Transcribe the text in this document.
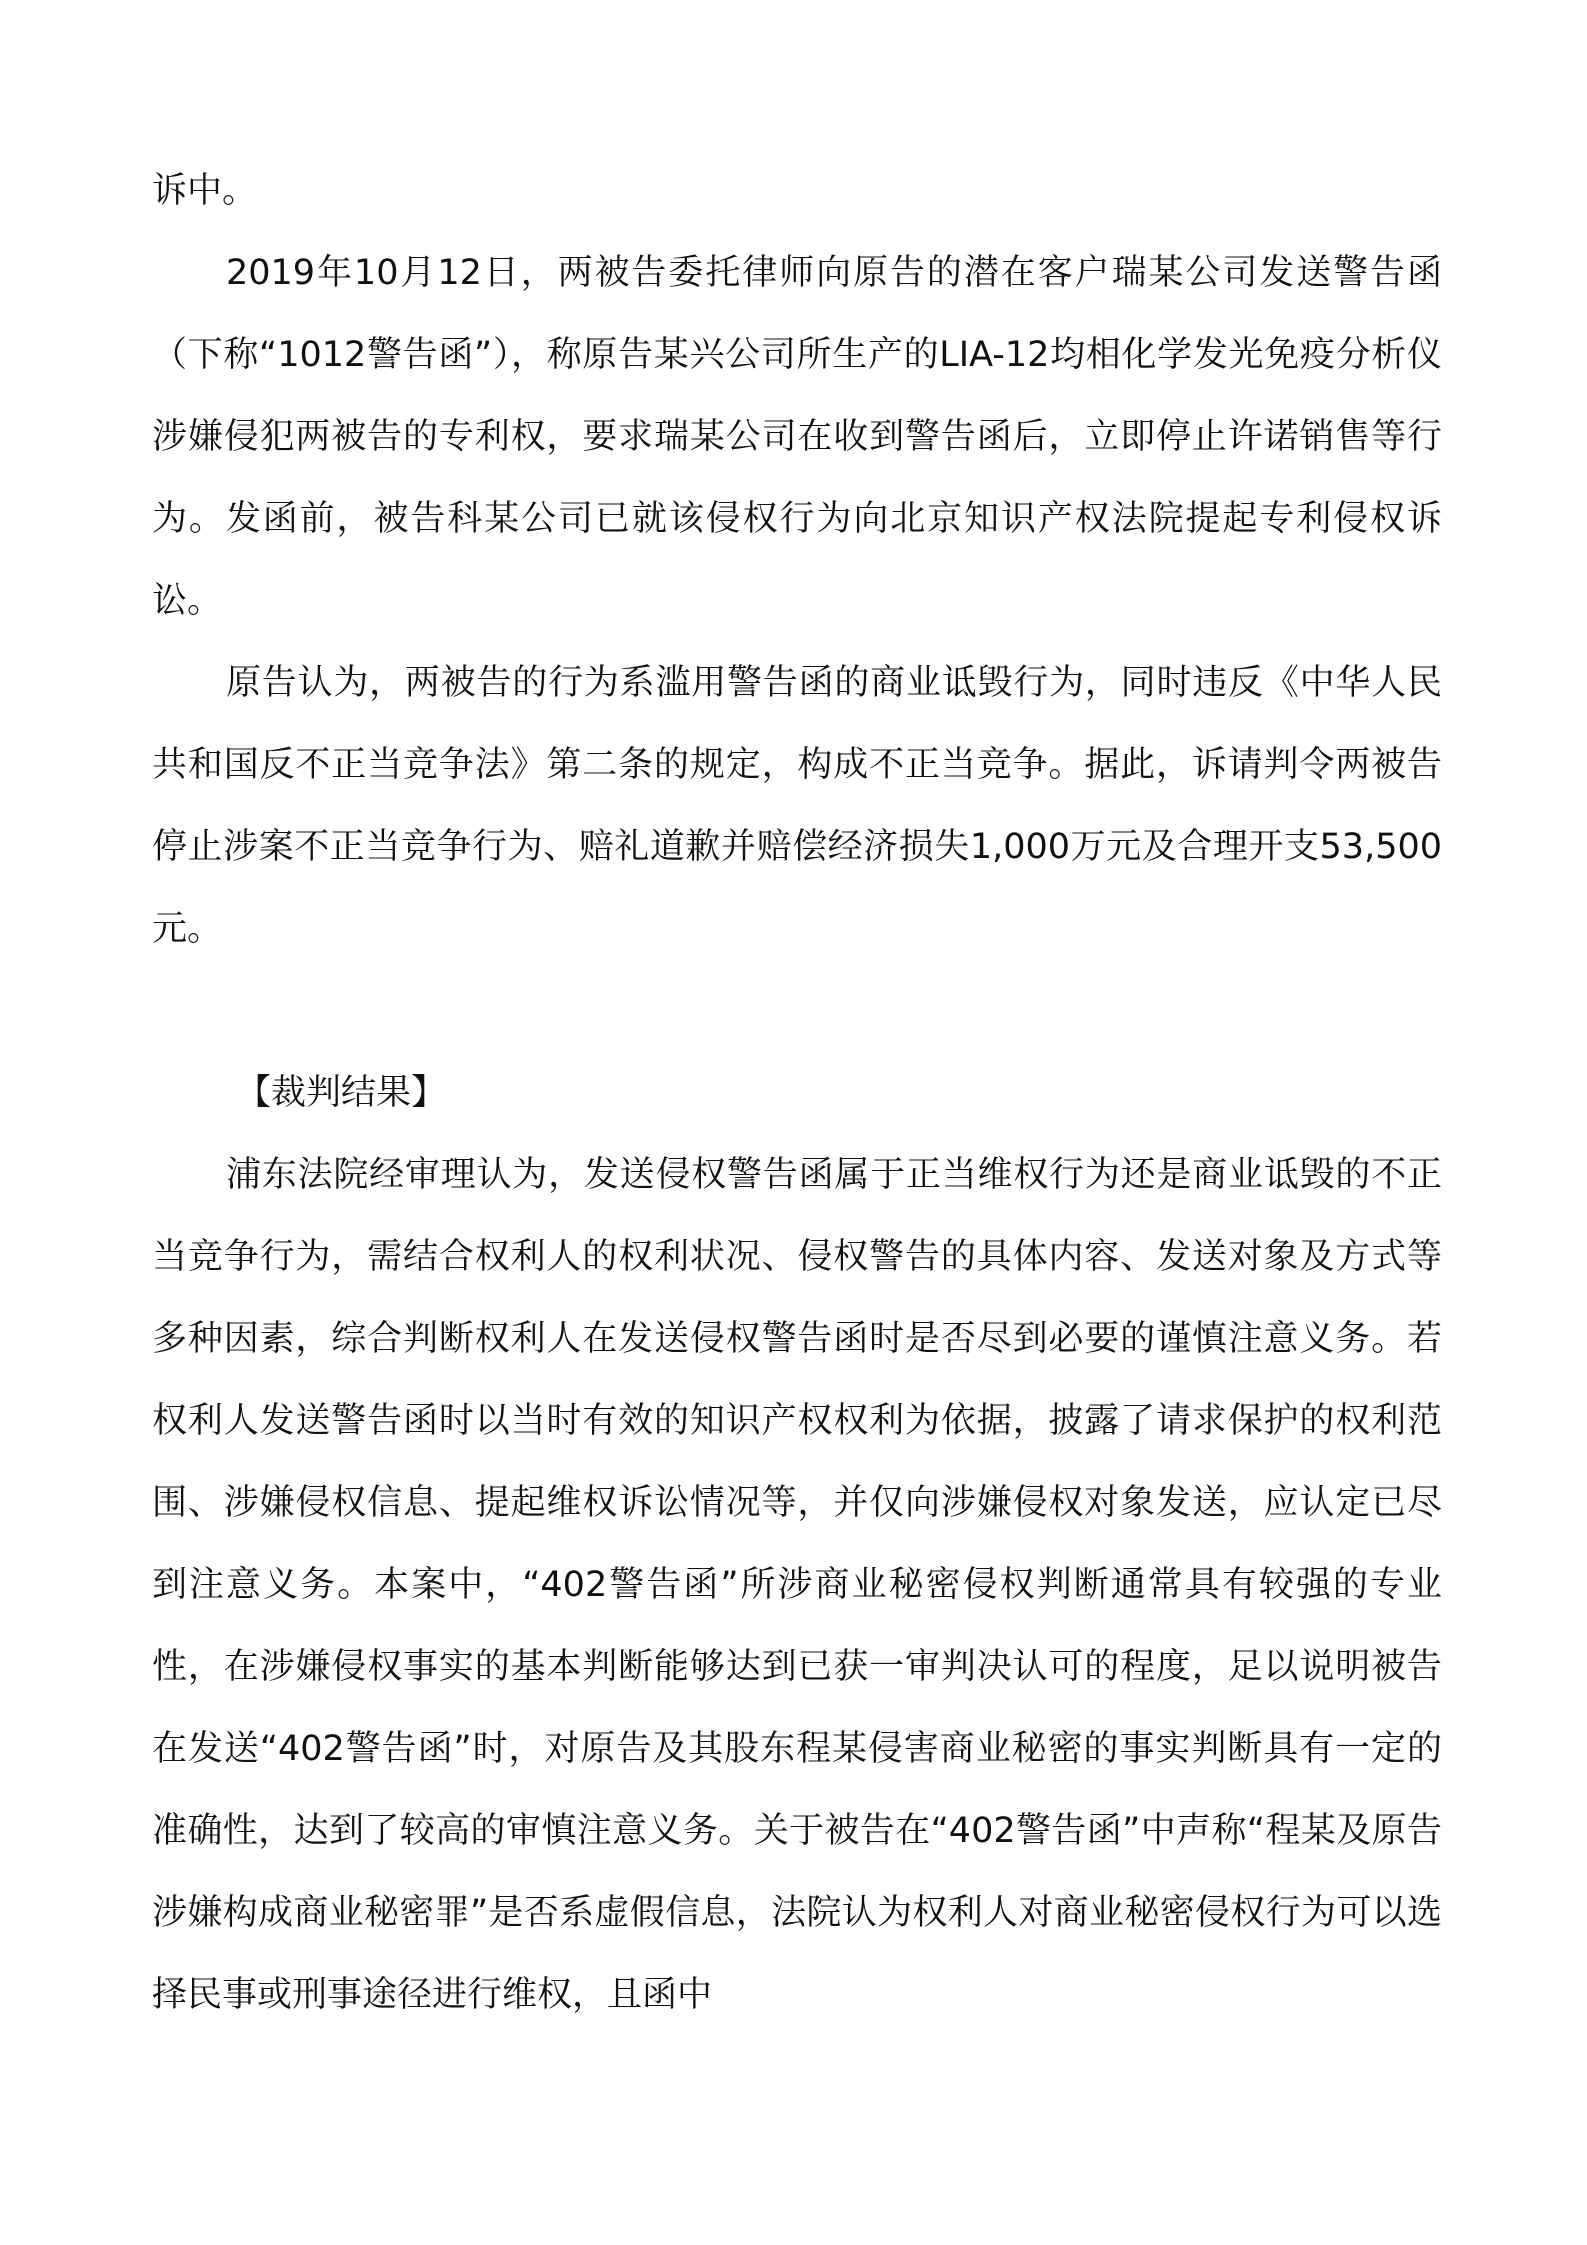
诉中。

2019年10月12日，两被告委托律师向原告的潜在客户瑞某公司发送警告函（下称“1012警告函”），称原告某兴公司所生产的LIA-12均相化学发光免疫分析仪涉嫌侵犯两被告的专利权，要求瑞某公司在收到警告函后，立即停止许诺销售等行为。发函前，被告科某公司已就该侵权行为向北京知识产权法院提起专利侵权诉讼。

原告认为，两被告的行为系滥用警告函的商业诋毁行为，同时违反《中华人民共和国反不正当竞争法》第二条的规定，构成不正当竞争。据此，诉请判令两被告停止涉案不正当竞争行为、赔礼道歉并赔偿经济损失1,000万元及合理开支53,500元。

【裁判结果】

浦东法院经审理认为，发送侵权警告函属于正当维权行为还是商业诋毁的不正当竞争行为，需结合权利人的权利状况、侵权警告的具体内容、发送对象及方式等多种因素，综合判断权利人在发送侵权警告函时是否尽到必要的谨慎注意义务。若权利人发送警告函时以当时有效的知识产权权利为依据，披露了请求保护的权利范围、涉嫌侵权信息、提起维权诉讼情况等，并仅向涉嫌侵权对象发送，应认定已尽到注意义务。本案中，“402警告函”所涉商业秘密侵权判断通常具有较强的专业性，在涉嫌侵权事实的基本判断能够达到已获一审判决认可的程度，足以说明被告在发送“402警告函”时，对原告及其股东程某侵害商业秘密的事实判断具有一定的准确性，达到了较高的审慎注意义务。关于被告在“402警告函”中声称“程某及原告涉嫌构成商业秘密罪”是否系虚假信息，法院认为权利人对商业秘密侵权行为可以选择民事或刑事途径进行维权，且函中
